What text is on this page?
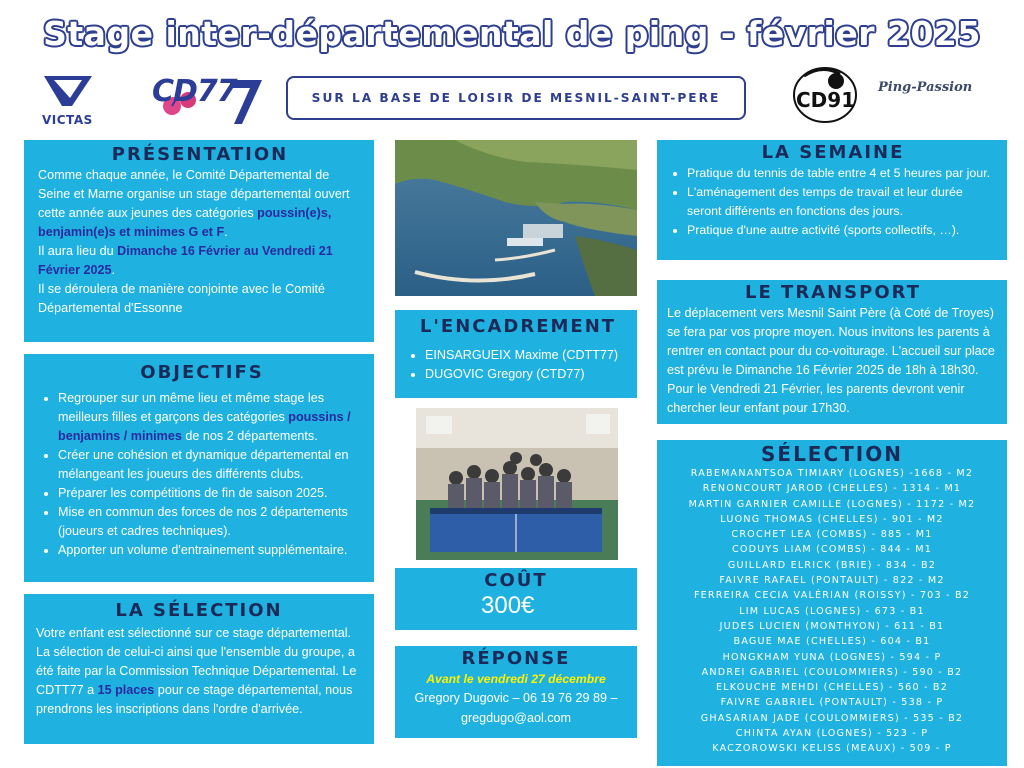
Stage inter-départemental de ping - février 2025
VICTAS
CD77	CD91
Ping-Passion
SUR LA BASE DE LOISIR DE MESNIL-SAINT-PERE
PRÉSENTATION
Comme chaque année, le Comité Départemental de Seine et Marne organise un stage départemental ouvert cette année aux jeunes des catégories poussin(e)s, benjamin(e)s et minimes G et F.
Il aura lieu du Dimanche 16 Février au Vendredi 21 Février 2025.
Il se déroulera de manière conjointe avec le Comité Départemental d'Essonne
OBJECTIFS
• Regrouper sur un même lieu et même stage les meilleurs filles et garçons des catégories poussins / benjamins / minimes de nos 2 départements.
• Créer une cohésion et dynamique départemental en mélangeant les joueurs des différents clubs.
• Préparer les compétitions de fin de saison 2025.
• Mise en commun des forces de nos 2 départements (joueurs et cadres techniques).
• Apporter un volume d'entrainement supplémentaire.
LA SÉLECTION
Votre enfant est sélectionné sur ce stage départemental. La sélection de celui-ci ainsi que l'ensemble du groupe, a été faite par la Commission Technique Départemental. Le CDTT77 a 15 places pour ce stage départemental, nous prendrons les inscriptions dans l'ordre d'arrivée.
L'ENCADREMENT
• EINSARGUEIX Maxime (CDTT77)
• DUGOVIC Gregory (CTD77)
COÛT
300€
RÉPONSE
Avant le vendredi 27 décembre
Gregory Dugovic – 06 19 76 29 89 – gregdugo@aol.com
LA SEMAINE
• Pratique du tennis de table entre 4 et 5 heures par jour.
• L'aménagement des temps de travail et leur durée seront différents en fonctions des jours.
• Pratique d'une autre activité (sports collectifs, …).
LE TRANSPORT
Le déplacement vers Mesnil Saint Père (à Coté de Troyes) se fera par vos propre moyen. Nous invitons les parents à rentrer en contact pour du co-voiturage. L'accueil sur place est prévu le Dimanche 16 Février 2025 de 18h à 18h30. Pour le Vendredi 21 Février, les parents devront venir chercher leur enfant pour 17h30.
SÉLECTION
RABEMANANTSOA TIMIARY (LOGNES) -1668 - M2
RENONCOURT JAROD (CHELLES) - 1314 - M1
MARTIN GARNIER CAMILLE (LOGNES) - 1172 - M2
LUONG THOMAS (CHELLES) - 901 - M2
CROCHET LEA (COMBS) - 885 - M1
CODUYS LIAM (COMBS) - 844 - M1
GUILLARD ELRICK (BRIE) - 834 - B2
FAIVRE RAFAEL (PONTAULT) - 822 - M2
FERREIRA CECIA VALÉRIAN (ROISSY) - 703 - B2
LIM LUCAS (LOGNES) - 673 - B1
JUDES LUCIEN (MONTHYON) - 611 - B1
BAGUE MAE (CHELLES) - 604 - B1
HONGKHAM YUNA (LOGNES) - 594 - P
ANDREI GABRIEL (COULOMMIERS) - 590 - B2
ELKOUCHE MEHDI (CHELLES) - 560 - B2
FAIVRE GABRIEL (PONTAULT) - 538 - P
GHASARIAN JADE (COULOMMIERS) - 535 - B2
CHINTA AYAN (LOGNES) - 523 - P
KACZOROWSKI KELISS (MEAUX) - 509 - P
